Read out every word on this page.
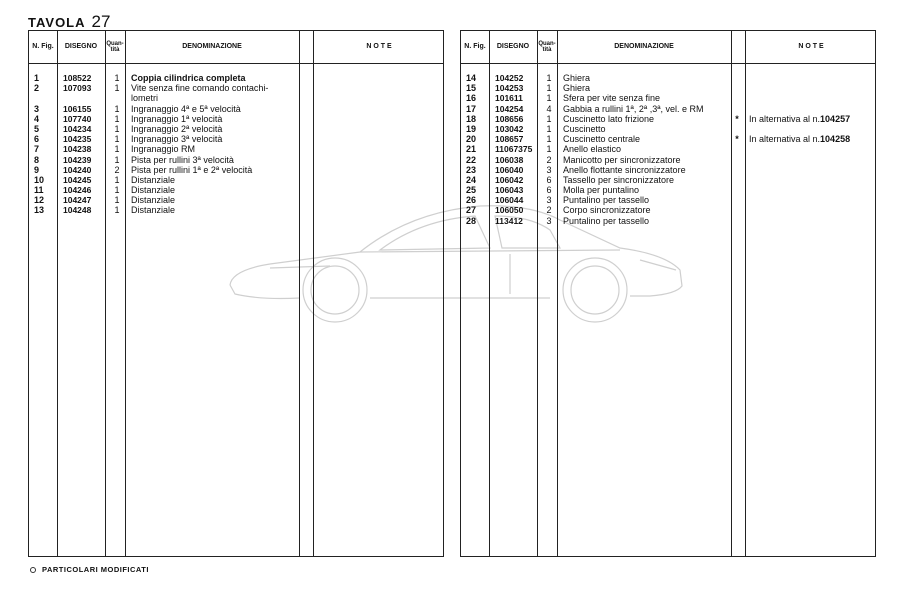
TAVOLA 27
N. Fig.	DISEGNO	Quan-tità	DENOMINAZIONE	N O T E
1	108522	1	Coppia cilindrica completa
2	107093	1	Vite senza fine comando contachi-
lometri
3	106155	1	Ingranaggio 4ª e 5ª velocità
4	107740	1	Ingranaggio 1ª velocità
5	104234	1	Ingranaggio 2ª velocità
6	104235	1	Ingranaggio 3ª velocità
7	104238	1	Ingranaggio RM
8	104239	1	Pista per rullini 3ª velocità
9	104240	2	Pista per rullini 1ª e 2ª velocità
10	104245	1	Distanziale
11	104246	1	Distanziale
12	104247	1	Distanziale
13	104248	1	Distanziale
N. Fig.	DISEGNO	Quan-tità	DENOMINAZIONE	N O T E
14	104252	1	Ghiera
15	104253	1	Ghiera
16	101611	1	Sfera per vite senza fine
17	104254	4	Gabbia a rullini 1ª, 2ª ,3ª, vel. e RM
18	108656	1	Cuscinetto lato frizione	*	In alternativa al n.104257
19	103042	1	Cuscinetto
20	108657	1	Cuscinetto centrale	*	In alternativa al n.104258
21	11067375	1	Anello elastico
22	106038	2	Manicotto per sincronizzatore
23	106040	3	Anello flottante sincronizzatore
24	106042	6	Tassello per sincronizzatore
25	106043	6	Molla per puntalino
26	106044	3	Puntalino per tassello
27	106050	2	Corpo sincronizzatore
28	113412	3	Puntalino per tassello
PARTICOLARI MODIFICATI
